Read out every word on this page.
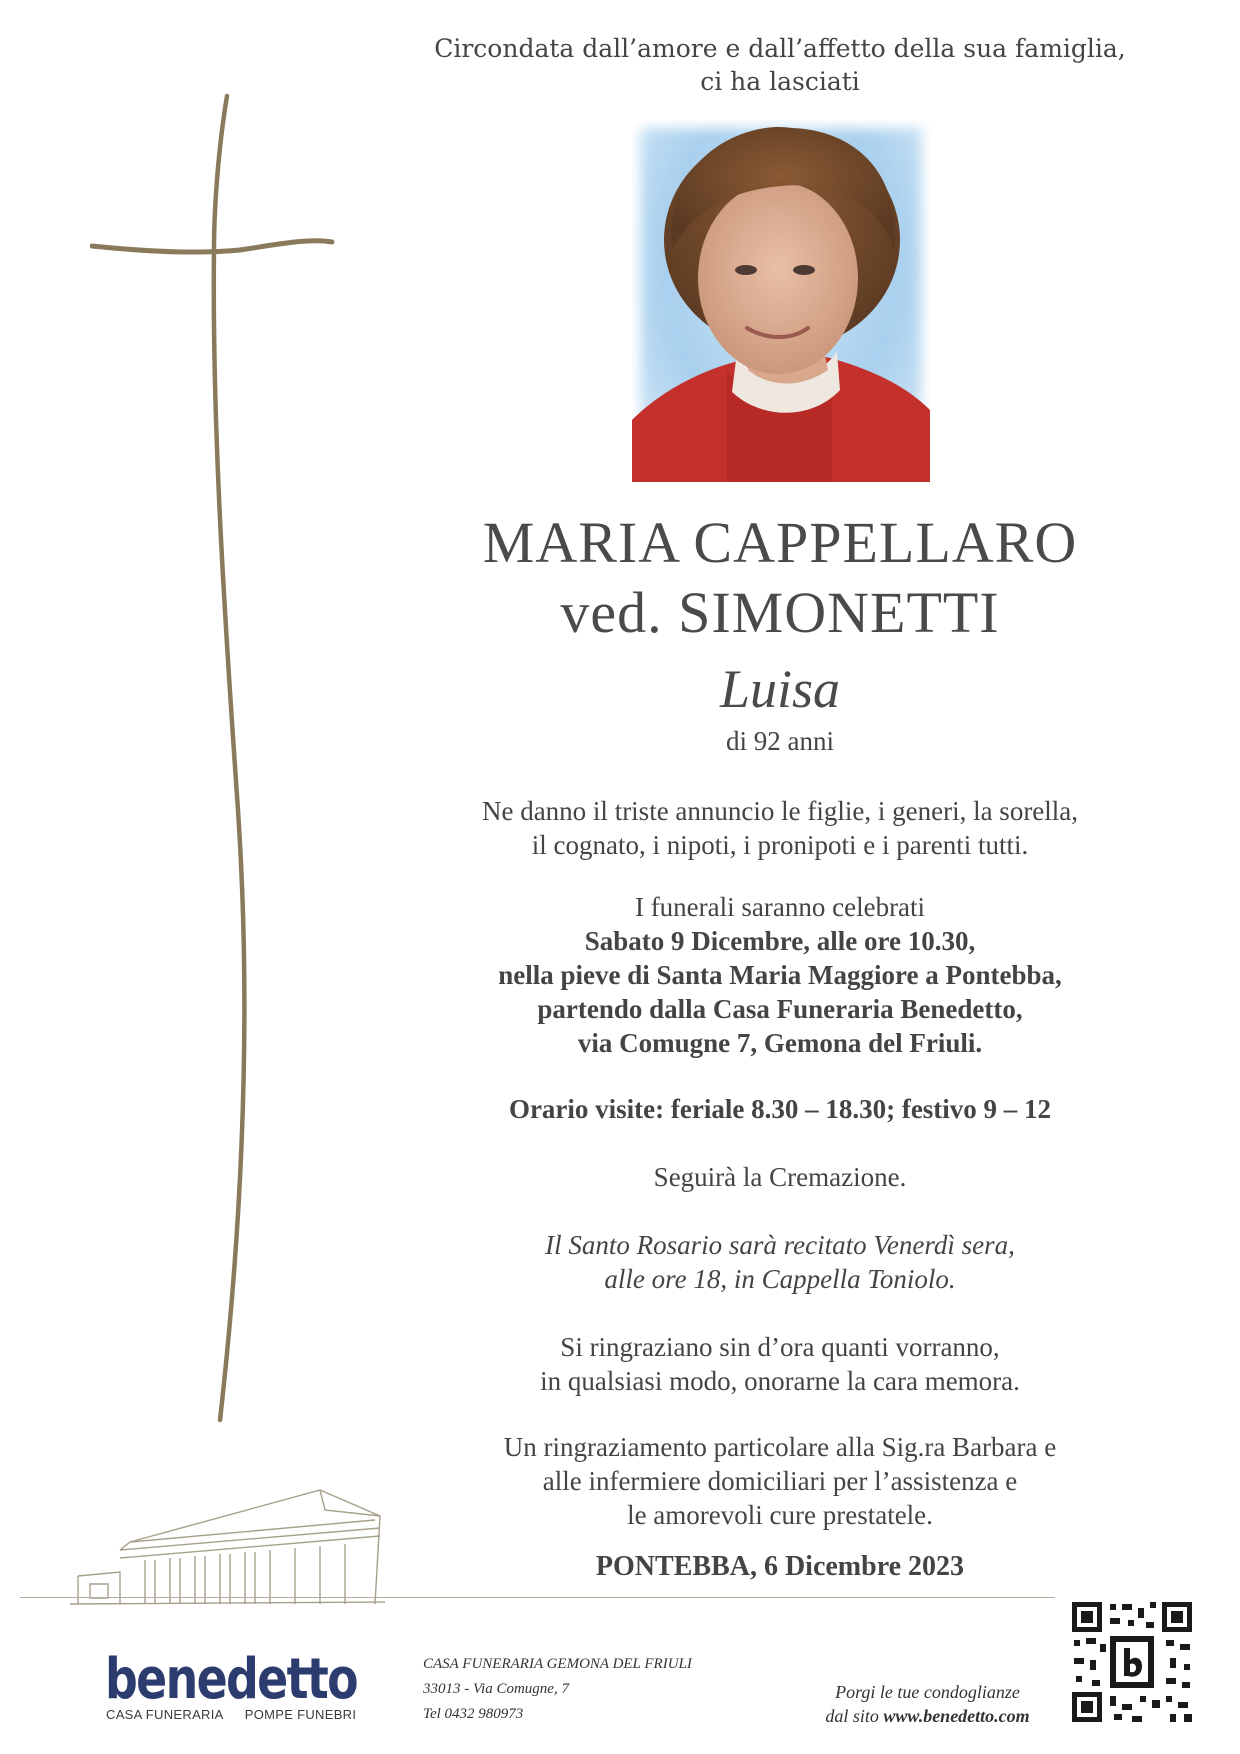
Circondata dall’amore e dall’affetto della sua famiglia,
ci ha lasciati
MARIA CAPPELLARO
ved. SIMONETTI
Luisa
di 92 anni
Ne danno il triste annuncio le figlie, i generi, la sorella,
il cognato, i nipoti, i pronipoti e i parenti tutti.
I funerali saranno celebrati
Sabato 9 Dicembre, alle ore 10.30,
nella pieve di Santa Maria Maggiore a Pontebba,
partendo dalla Casa Funeraria Benedetto,
via Comugne 7, Gemona del Friuli.
Orario visite: feriale 8.30 – 18.30; festivo 9 – 12
Seguirà la Cremazione.
Il Santo Rosario sarà recitato Venerdì sera,
alle ore 18, in Cappella Toniolo.
Si ringraziano sin d’ora quanti vorranno,
in qualsiasi modo, onorarne la cara memora.
Un ringraziamento particolare alla Sig.ra Barbara e
alle infermiere domiciliari per l’assistenza e
le amorevoli cure prestatele.
PONTEBBA, 6 Dicembre 2023
benedetto
CASA FUNERARIA POMPE FUNEBRI
CASA FUNERARIA GEMONA DEL FRIULI
33013 - Via Comugne, 7
Tel 0432 980973
Porgi le tue condoglianze
dal sito www.benedetto.com
